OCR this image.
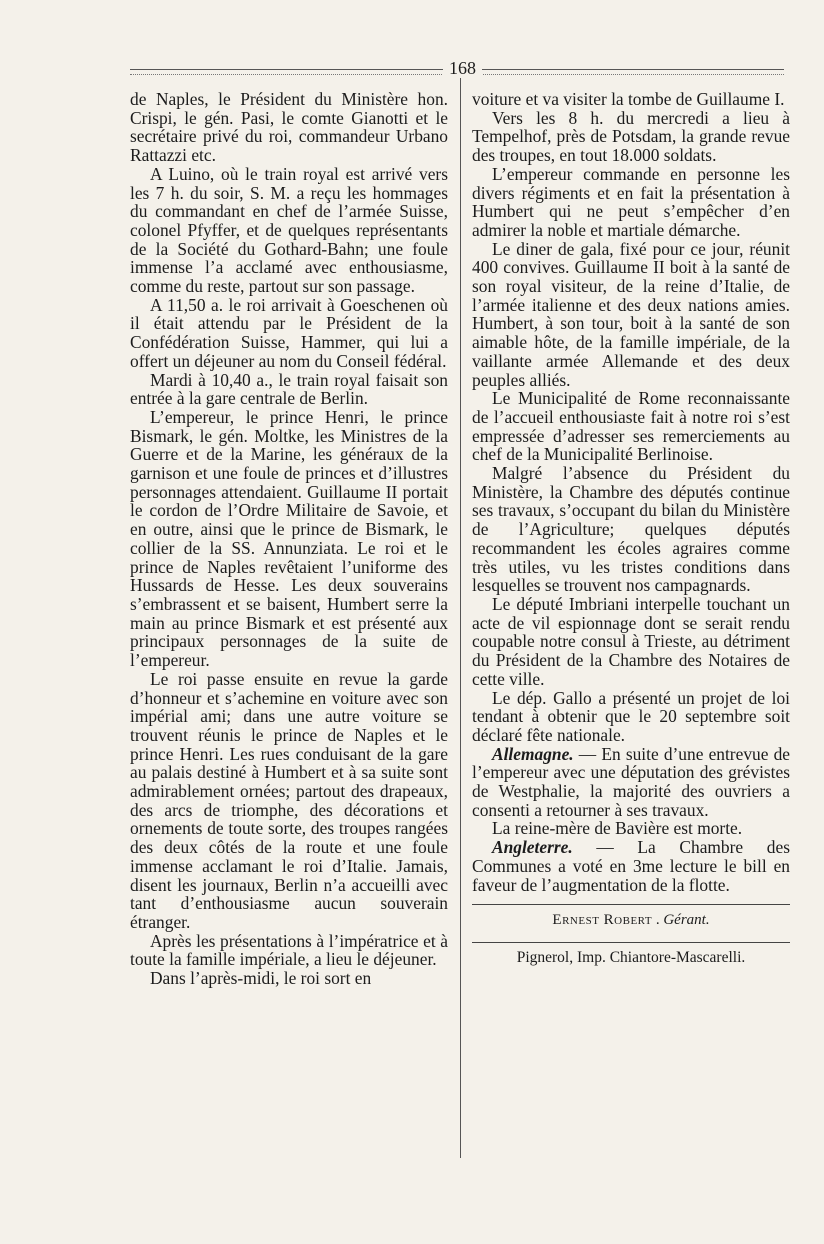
168

de Naples, le Président du Ministère hon. Crispi, le gén. Pasi, le comte Gianotti et le secrétaire privé du roi, commandeur Urbano Rattazzi etc.

A Luino, où le train royal est arrivé vers les 7 h. du soir, S. M. a reçu les hommages du commandant en chef de l’armée Suisse, colonel Pfyffer, et de quelques représentants de la Société du Gothard-Bahn; une foule immense l’a acclamé avec enthousiasme, comme du reste, partout sur son passage.

A 11,50 a. le roi arrivait à Goeschenen où il était attendu par le Président de la Confédération Suisse, Hammer, qui lui a offert un déjeuner au nom du Conseil fédéral.

Mardi à 10,40 a., le train royal faisait son entrée à la gare centrale de Berlin.

L’empereur, le prince Henri, le prince Bismark, le gén. Moltke, les Ministres de la Guerre et de la Marine, les généraux de la garnison et une foule de princes et d’illustres personnages attendaient. Guillaume II portait le cordon de l’Ordre Militaire de Savoie, et en outre, ainsi que le prince de Bismark, le collier de la SS. Annunziata. Le roi et le prince de Naples revêtaient l’uniforme des Hussards de Hesse. Les deux souverains s’embrassent et se baisent, Humbert serre la main au prince Bismark et est présenté aux principaux personnages de la suite de l’empereur.

Le roi passe ensuite en revue la garde d’honneur et s’achemine en voiture avec son impérial ami; dans une autre voiture se trouvent réunis le prince de Naples et le prince Henri. Les rues conduisant de la gare au palais destiné à Humbert et à sa suite sont admirablement ornées; partout des drapeaux, des arcs de triomphe, des décorations et ornements de toute sorte, des troupes rangées des deux côtés de la route et une foule immense acclamant le roi d’Italie. Jamais, disent les journaux, Berlin n’a accueilli avec tant d’enthousiasme aucun souverain étranger.

Après les présentations à l’impératrice et à toute la famille impériale, a lieu le déjeuner.

Dans l’après-midi, le roi sort en

voiture et va visiter la tombe de Guillaume I.

Vers les 8 h. du mercredi a lieu à Tempelhof, près de Potsdam, la grande revue des troupes, en tout 18.000 soldats.

L’empereur commande en personne les divers régiments et en fait la présentation à Humbert qui ne peut s’empêcher d’en admirer la noble et martiale démarche.

Le diner de gala, fixé pour ce jour, réunit 400 convives. Guillaume II boit à la santé de son royal visiteur, de la reine d’Italie, de l’armée italienne et des deux nations amies. Humbert, à son tour, boit à la santé de son aimable hôte, de la famille impériale, de la vaillante armée Allemande et des deux peuples alliés.

Le Municipalité de Rome reconnaissante de l’accueil enthousiaste fait à notre roi s’est empressée d’adresser ses remerciements au chef de la Municipalité Berlinoise.

Malgré l’absence du Président du Ministère, la Chambre des députés continue ses travaux, s’occupant du bilan du Ministère de l’Agriculture; quelques députés recommandent les écoles agraires comme très utiles, vu les tristes conditions dans lesquelles se trouvent nos campagnards.

Le député Imbriani interpelle touchant un acte de vil espionnage dont se serait rendu coupable notre consul à Trieste, au détriment du Président de la Chambre des Notaires de cette ville.

Le dép. Gallo a présenté un projet de loi tendant à obtenir que le 20 septembre soit déclaré fête nationale.

Allemagne. — En suite d’une entrevue de l’empereur avec une députation des grévistes de Westphalie, la majorité des ouvriers a consenti a retourner à ses travaux.

La reine-mère de Bavière est morte.

Angleterre. — La Chambre des Communes a voté en 3me lecture le bill en faveur de l’augmentation de la flotte.

Ernest Robert . Gérant.

Pignerol, Imp. Chiantore-Mascarelli.
